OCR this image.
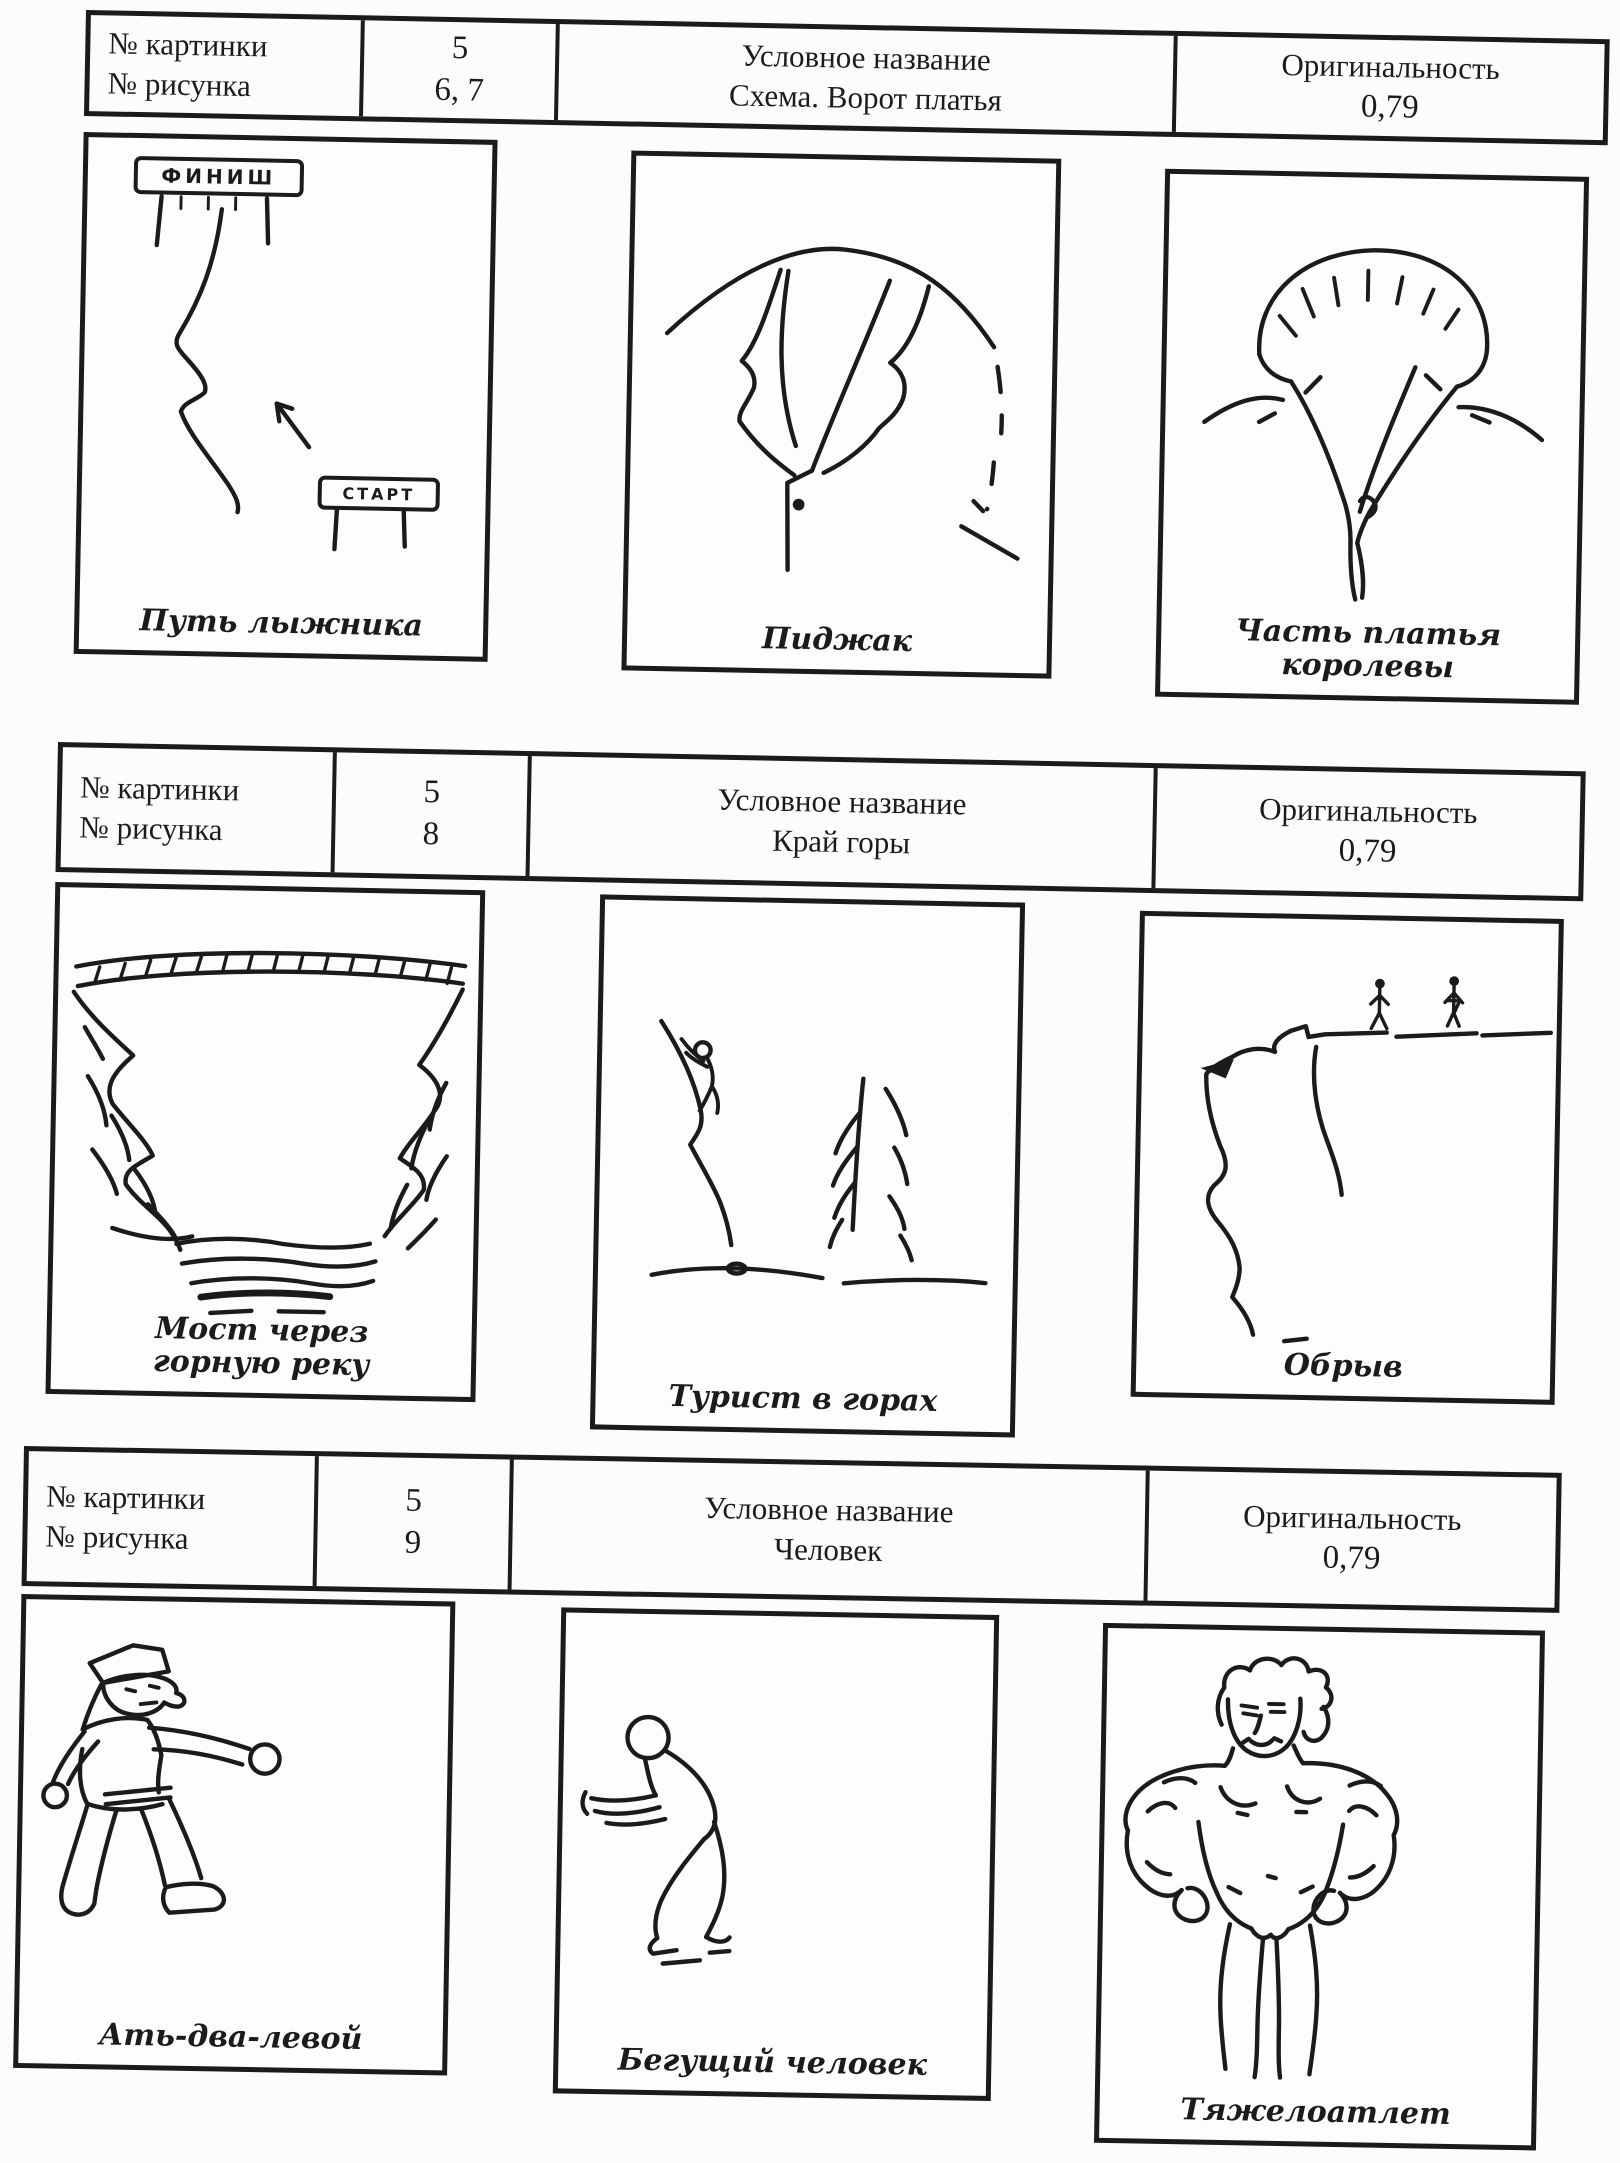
№ картинки
№ рисунка
5
6, 7
Условное название
Схема. Ворот платья
Оригинальность
0,79
ФИНИШ
СТАРТ
Путь лыжника	Пиджак	Часть платья королевы
№ картинки
№ рисунка
5
8
Условное название
Край горы
Оригинальность
0,79
Мост через горную реку
Турист в горах
Обрыв
№ картинки
№ рисунка
5
9
Условное название
Человек
Оригинальность
0,79
Ать-два-левой
Бегущий человек
Тяжелоатлет
